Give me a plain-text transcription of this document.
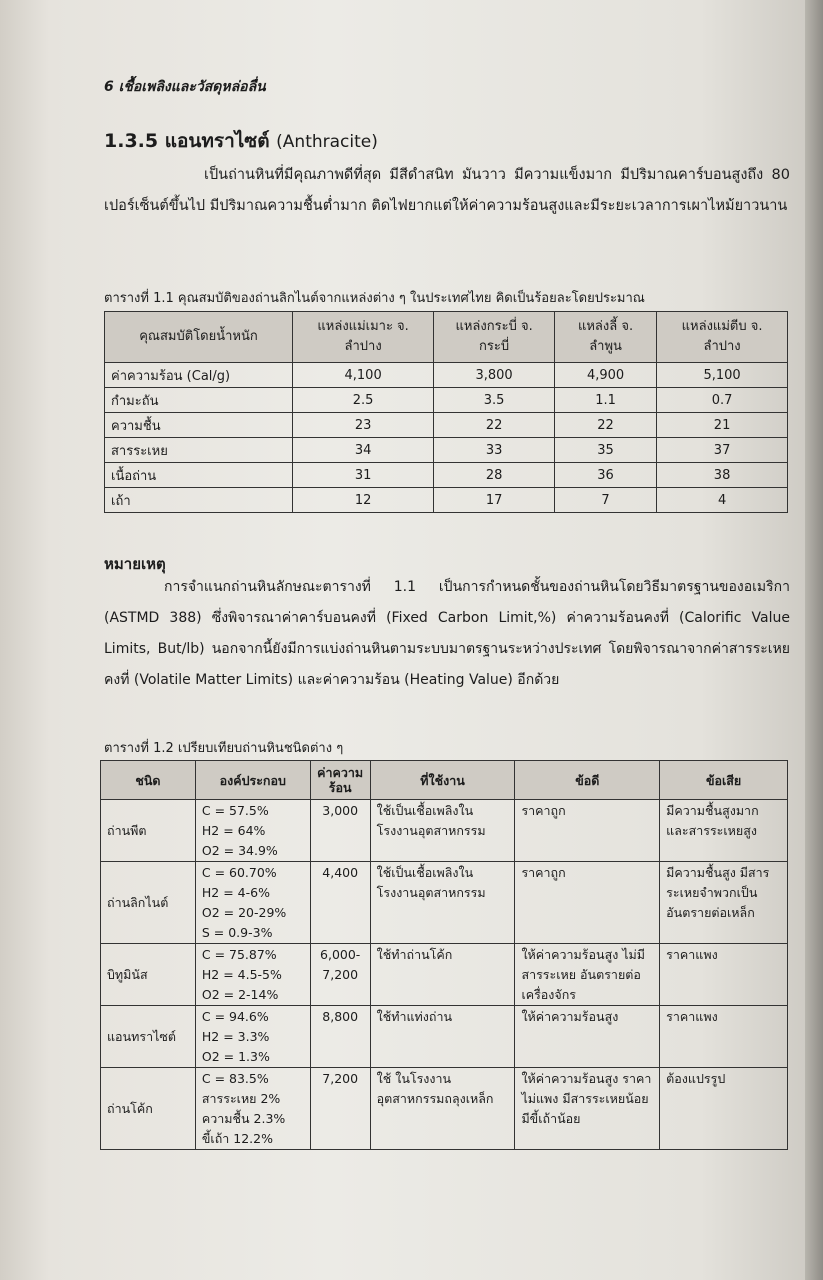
6 เชื้อเพลิงและวัสดุหล่อลื่น
1.3.5 แอนทราไซต์ (Anthracite)
เป็นถ่านหินที่มีคุณภาพดีที่สุด มีสีดำสนิท มันวาว มีความแข็งมาก มีปริมาณคาร์บอนสูงถึง 80 เปอร์เซ็นต์ขึ้นไป มีปริมาณความชื้นต่ำมาก ติดไฟยากแต่ให้ค่าความร้อนสูงและมีระยะเวลาการเผาไหม้ยาวนาน
ตารางที่ 1.1 คุณสมบัติของถ่านลิกไนต์จากแหล่งต่าง ๆ ในประเทศไทย คิดเป็นร้อยละโดยประมาณ
คุณสมบัติโดยน้ำหนัก	แหล่งแม่เมาะ จ. ลำปาง	แหล่งกระบี่ จ. กระบี่	แหล่งลี้ จ. ลำพูน	แหล่งแม่ตีบ จ. ลำปาง
ค่าความร้อน (Cal/g)	4,100	3,800	4,900	5,100
กำมะถัน	2.5	3.5	1.1	0.7
ความชื้น	23	22	22	21
สารระเหย	34	33	35	37
เนื้อถ่าน	31	28	36	38
เถ้า	12	17	7	4
หมายเหตุ
การจำแนกถ่านหินลักษณะตารางที่ 1.1 เป็นการกำหนดชั้นของถ่านหินโดยวิธีมาตรฐานของอเมริกา (ASTMD 388) ซึ่งพิจารณาค่าคาร์บอนคงที่ (Fixed Carbon Limit,%) ค่าความร้อนคงที่ (Calorific Value Limits, But/lb) นอกจากนี้ยังมีการแบ่งถ่านหินตามระบบมาตรฐานระหว่างประเทศ โดยพิจารณาจากค่าสารระเหยคงที่ (Volatile Matter Limits) และค่าความร้อน (Heating Value) อีกด้วย
ตารางที่ 1.2 เปรียบเทียบถ่านหินชนิดต่าง ๆ
ชนิด	องค์ประกอบ	ค่าความร้อน	ที่ใช้งาน	ข้อดี	ข้อเสีย
ถ่านพีต	C = 57.5%
H2 = 64%
O2 = 34.9%	3,000	ใช้เป็นเชื้อเพลิงในโรงงานอุตสาหกรรม	ราคาถูก	มีความชื้นสูงมากและสารระเหยสูง
ถ่านลิกไนต์	C = 60.70%
H2 = 4-6%
O2 = 20-29%
S = 0.9-3%	4,400	ใช้เป็นเชื้อเพลิงในโรงงานอุตสาหกรรม	ราคาถูก	มีความชื้นสูง มีสารระเหยจำพวกเป็นอันตรายต่อเหล็ก
บิทูมินัส	C = 75.87%
H2 = 4.5-5%
O2 = 2-14%	6,000-7,200	ใช้ทำถ่านโค้ก	ให้ค่าความร้อนสูง ไม่มีสารระเหย อันตรายต่อเครื่องจักร	ราคาแพง
แอนทราไซต์	C = 94.6%
H2 = 3.3%
O2 = 1.3%	8,800	ใช้ทำแท่งถ่าน	ให้ค่าความร้อนสูง	ราคาแพง
ถ่านโค้ก	C = 83.5%
สารระเหย 2%
ความชื้น 2.3%
ขี้เถ้า 12.2%	7,200	ใช้ ในโรงงานอุตสาหกรรมถลุงเหล็ก	ให้ค่าความร้อนสูง ราคาไม่แพง มีสารระเหยน้อยมีขี้เถ้าน้อย	ต้องแปรรูป
